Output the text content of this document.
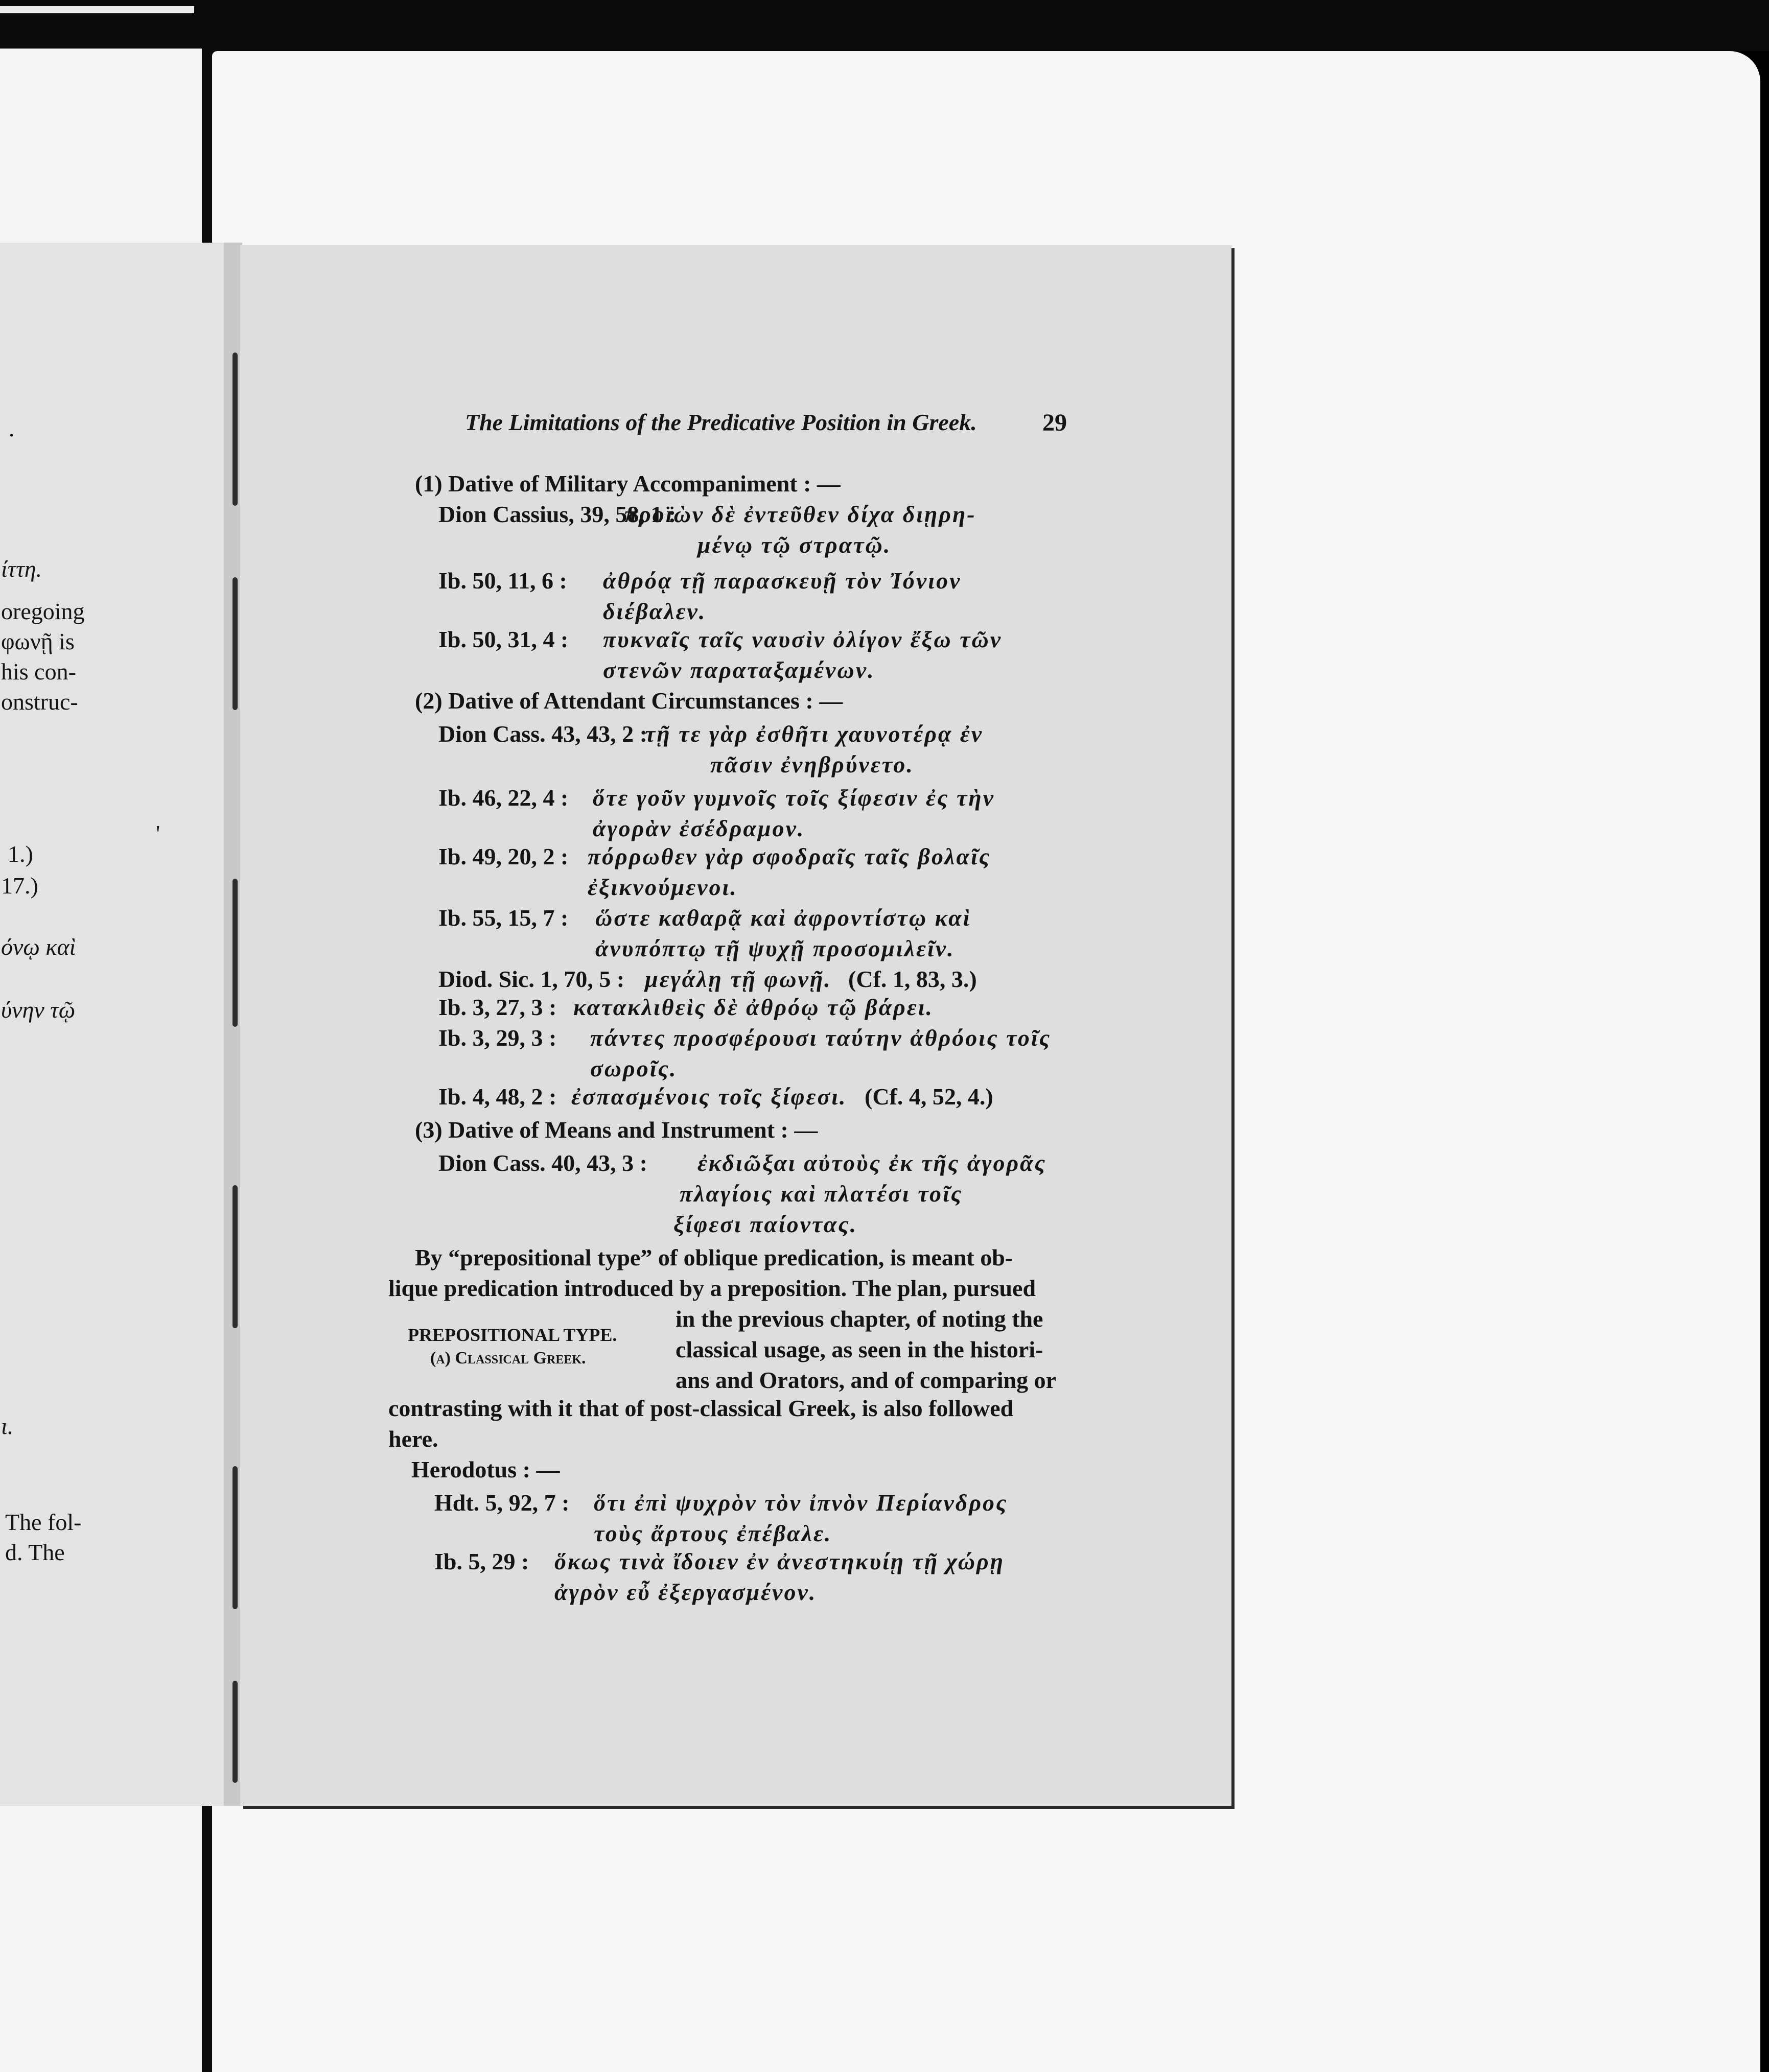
·
ίττη.
oregoing
φωνῇ is
his con-
onstruc-
'
1.)
17.)
όνῳ καὶ
ύνην τῷ
ι.
The fol-
d. The
The Limitations of the Predicative Position in Greek.	29
(1) Dative of Military Accompaniment : —
Dion Cassius, 39, 58, 1 :
προϊὼν δὲ ἐντεῦθεν δίχα διῃρη-
μένῳ τῷ στρατῷ.
Ib. 50, 11, 6 : ἀθρόᾳ τῇ παρασκευῇ τὸν Ἰόνιον
διέβαλεν.
Ib. 50, 31, 4 : πυκναῖς ταῖς ναυσὶν ὀλίγον ἔξω τῶν
στενῶν παραταξαμένων.
(2) Dative of Attendant Circumstances : —
Dion Cass. 43, 43, 2 :
τῇ τε γὰρ ἐσθῆτι χαυνοτέρᾳ ἐν
πᾶσιν ἐνηβρύνετο.
Ib. 46, 22, 4 : ὅτε γοῦν γυμνοῖς τοῖς ξίφεσιν ἐς τὴν
ἀγορὰν ἐσέδραμον.
Ib. 49, 20, 2 : πόρρωθεν γὰρ σφοδραῖς ταῖς βολαῖς
ἐξικνούμενοι.
Ib. 55, 15, 7 : ὥστε καθαρᾷ καὶ ἀφροντίστῳ καὶ
ἀνυπόπτῳ τῇ ψυχῇ προσομιλεῖν.
Diod. Sic. 1, 70, 5 : μεγάλῃ τῇ φωνῇ. (Cf. 1, 83, 3.)
Ib. 3, 27, 3 : κατακλιθεὶς δὲ ἀθρόῳ τῷ βάρει.
Ib. 3, 29, 3 : πάντες προσφέρουσι ταύτην ἀθρόοις τοῖς
σωροῖς.
Ib. 4, 48, 2 : ἐσπασμένοις τοῖς ξίφεσι. (Cf. 4, 52, 4.)
(3) Dative of Means and Instrument : —
Dion Cass. 40, 43, 3 : ἐκδιῶξαι αὐτοὺς ἐκ τῆς ἀγορᾶς
πλαγίοις καὶ πλατέσι τοῖς
ξίφεσι παίοντας.
By “prepositional type” of oblique predication, is meant ob-
lique predication introduced by a preposition. The plan, pursued
in the previous chapter, of noting the
classical usage, as seen in the histori-
ans and Orators, and of comparing or
contrasting with it that of post-classical Greek, is also followed
here.
PREPOSITIONAL TYPE.
(a) Classical Greek.
Herodotus : —
Hdt. 5, 92, 7 : ὅτι ἐπὶ ψυχρὸν τὸν ἰπνὸν Περίανδρος
τοὺς ἄρτους ἐπέβαλε.
Ib. 5, 29 : ὅκως τινὰ ἴδοιεν ἐν ἀνεστηκυίῃ τῇ χώρῃ
ἀγρὸν εὖ ἐξεργασμένον.
